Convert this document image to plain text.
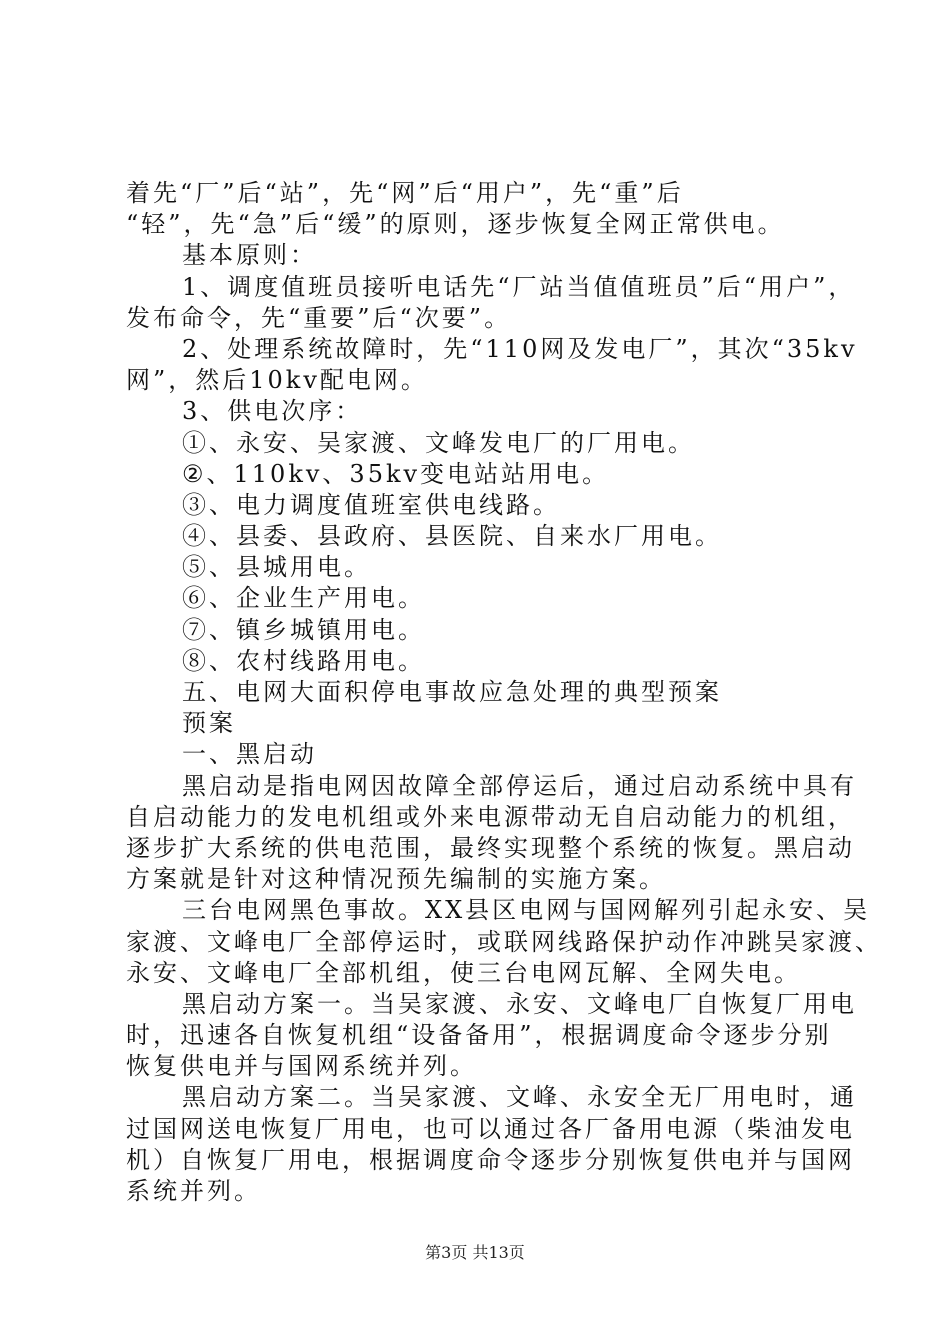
着先“厂”后“站”，先“网”后“用户”，先“重”后
“轻”，先“急”后“缓”的原则，逐步恢复全网正常供电。
基本原则：
1、调度值班员接听电话先“厂站当值值班员”后“用户”，
发布命令，先“重要”后“次要”。
2、处理系统故障时，先“110网及发电厂”，其次“35kv
网”，然后10kv配电网。
3、供电次序：
①、永安、吴家渡、文峰发电厂的厂用电。
②、110kv、35kv变电站站用电。
③、电力调度值班室供电线路。
④、县委、县政府、县医院、自来水厂用电。
⑤、县城用电。
⑥、企业生产用电。
⑦、镇乡城镇用电。
⑧、农村线路用电。
五、电网大面积停电事故应急处理的典型预案
预案
一、黑启动
黑启动是指电网因故障全部停运后，通过启动系统中具有
自启动能力的发电机组或外来电源带动无自启动能力的机组，
逐步扩大系统的供电范围，最终实现整个系统的恢复。黑启动
方案就是针对这种情况预先编制的实施方案。
三台电网黑色事故。XX县区电网与国网解列引起永安、吴
家渡、文峰电厂全部停运时，或联网线路保护动作冲跳吴家渡、
永安、文峰电厂全部机组，使三台电网瓦解、全网失电。
黑启动方案一。当吴家渡、永安、文峰电厂自恢复厂用电
时，迅速各自恢复机组“设备备用”，根据调度命令逐步分别
恢复供电并与国网系统并列。
黑启动方案二。当吴家渡、文峰、永安全无厂用电时，通
过国网送电恢复厂用电，也可以通过各厂备用电源（柴油发电
机）自恢复厂用电，根据调度命令逐步分别恢复供电并与国网
系统并列。
第3页 共13页
